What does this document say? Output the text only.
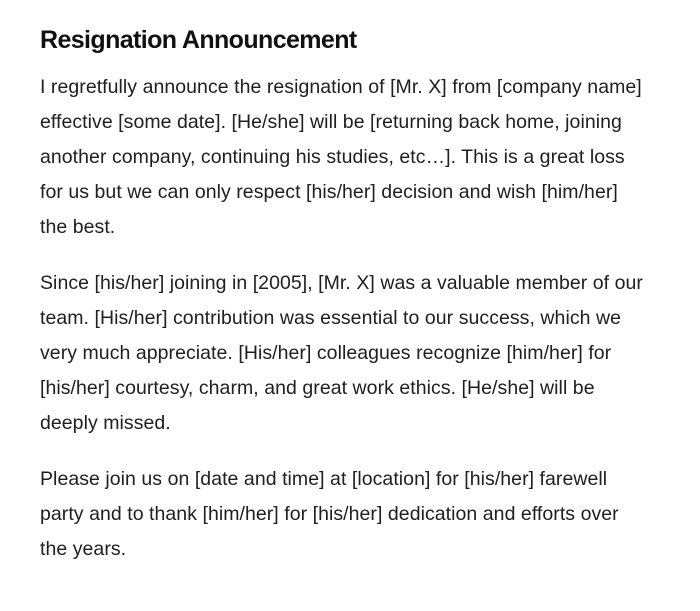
Resignation Announcement

I regretfully announce the resignation of [Mr. X] from [company name] effective [some date]. [He/she] will be [returning back home, joining another company, continuing his studies, etc…]. This is a great loss for us but we can only respect [his/her] decision and wish [him/her] the best.

Since [his/her] joining in [2005], [Mr. X] was a valuable member of our team. [His/her] contribution was essential to our success, which we very much appreciate. [His/her] colleagues recognize [him/her] for [his/her] courtesy, charm, and great work ethics. [He/she] will be deeply missed.

Please join us on [date and time] at [location] for [his/her] farewell party and to thank [him/her] for [his/her] dedication and efforts over the years.
